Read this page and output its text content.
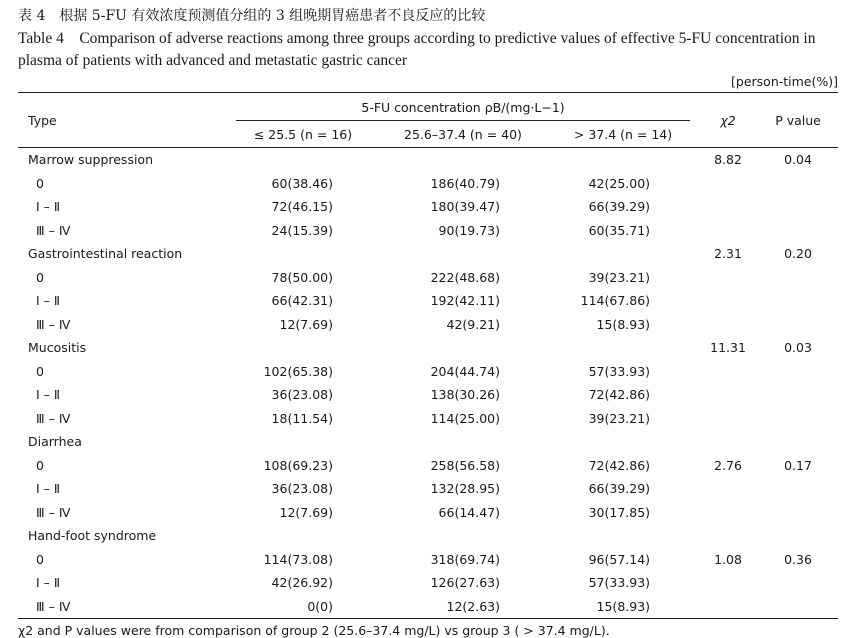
表 4　根据 5-FU 有效浓度预测值分组的 3 组晚期胃癌患者不良反应的比较
Table 4　Comparison of adverse reactions among three groups according to predictive values of effective 5-FU concentration in plasma of patients with advanced and metastatic gastric cancer
[person-time(%)]
Type	5-FU concentration ρB/(mg·L−1)			χ2	P value
	≤ 25.5 (n = 16)	25.6–37.4 (n = 40)	> 37.4 (n = 14)		
Marrow suppression				8.82	0.04
0	60(38.46)	186(40.79)	42(25.00)		
Ⅰ – Ⅱ	72(46.15)	180(39.47)	66(39.29)		
Ⅲ – Ⅳ	24(15.39)	90(19.73)	60(35.71)		
Gastrointestinal reaction				2.31	0.20
0	78(50.00)	222(48.68)	39(23.21)		
Ⅰ – Ⅱ	66(42.31)	192(42.11)	114(67.86)		
Ⅲ – Ⅳ	12(7.69)	42(9.21)	15(8.93)		
Mucositis				11.31	0.03
0	102(65.38)	204(44.74)	57(33.93)		
Ⅰ – Ⅱ	36(23.08)	138(30.26)	72(42.86)		
Ⅲ – Ⅳ	18(11.54)	114(25.00)	39(23.21)		
Diarrhea					
0	108(69.23)	258(56.58)	72(42.86)	2.76	0.17
Ⅰ – Ⅱ	36(23.08)	132(28.95)	66(39.29)		
Ⅲ – Ⅳ	12(7.69)	66(14.47)	30(17.85)		
Hand-foot syndrome					
0	114(73.08)	318(69.74)	96(57.14)	1.08	0.36
Ⅰ – Ⅱ	42(26.92)	126(27.63)	57(33.93)		
Ⅲ – Ⅳ	0(0)	12(2.63)	15(8.93)		
χ2 and P values were from comparison of group 2 (25.6–37.4 mg/L) vs group 3 ( > 37.4 mg/L).
